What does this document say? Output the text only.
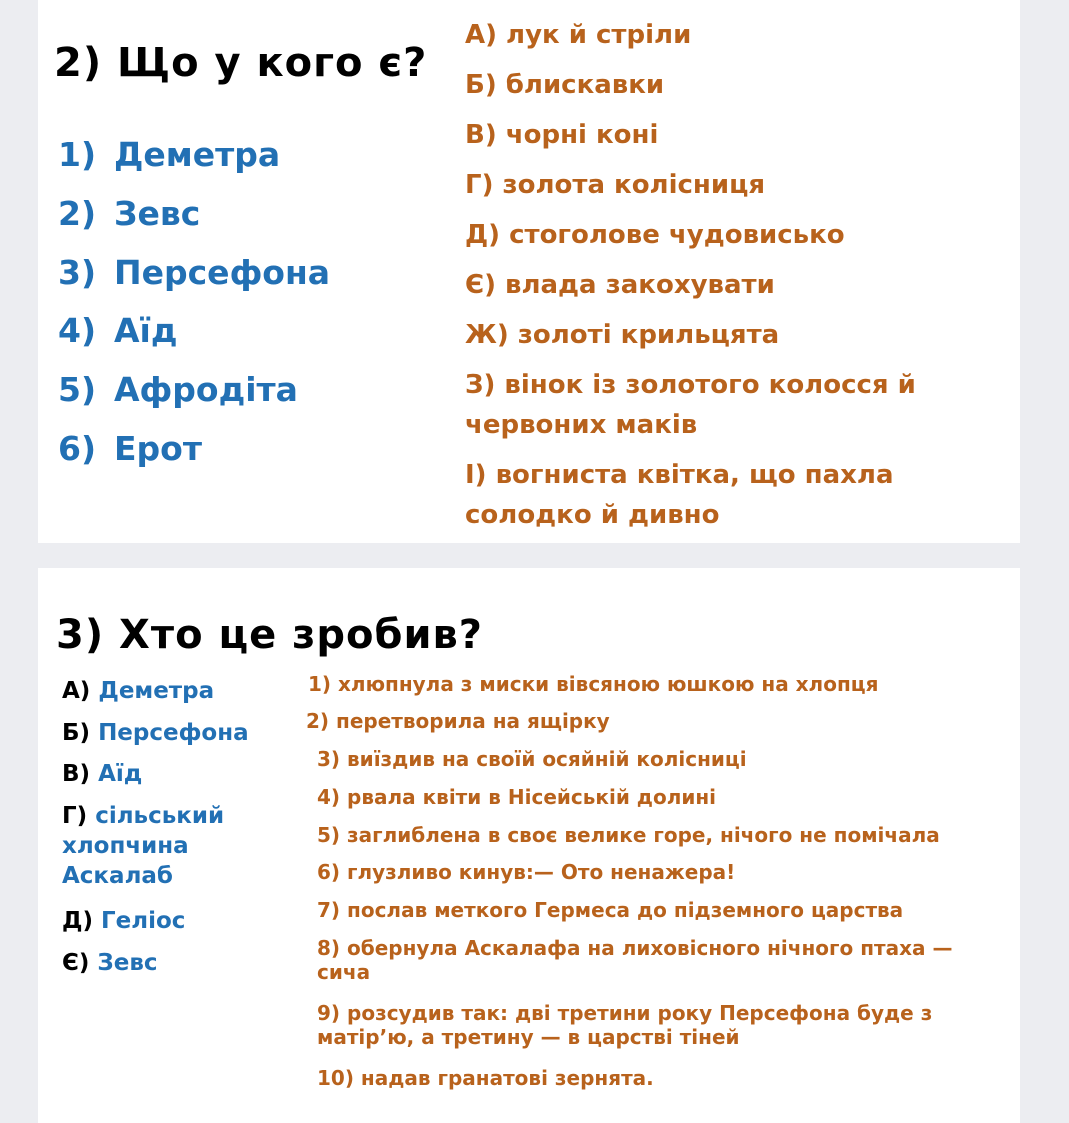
2) Що у кого є?
1) Деметра
2) Зевс
3) Персефона
4) Аїд
5) Афродіта
6) Ерот
А) лук й стріли
Б) блискавки
В) чорні коні
Г) золота колісниця
Д) стоголове чудовисько
Є) влада закохувати
Ж) золоті крильцята
З) вінок із золотого колосся й
червоних маків
І) вогниста квітка, що пахла
солодко й дивно
3) Хто це зробив?
А) Деметра
Б) Персефона
В) Аїд
Г) сільський
хлопчина
Аскалаб
Д) Геліос
Є) Зевс
1) хлюпнула з миски вівсяною юшкою на хлопця
2) перетворила на ящірку
3) виїздив на своїй осяйній колісниці
4) рвала квіти в Нісейській долині
5) заглиблена в своє велике горе, нічого не помічала
6) глузливо кинув:— Ото ненажера!
7) послав меткого Гермеса до підземного царства
8) обернула Аскалафа на лиховісного нічного птаха —
сича
9) розсудив так: дві третини року Персефона буде з
матір’ю, а третину — в царстві тіней
10) надав гранатові зернята.
